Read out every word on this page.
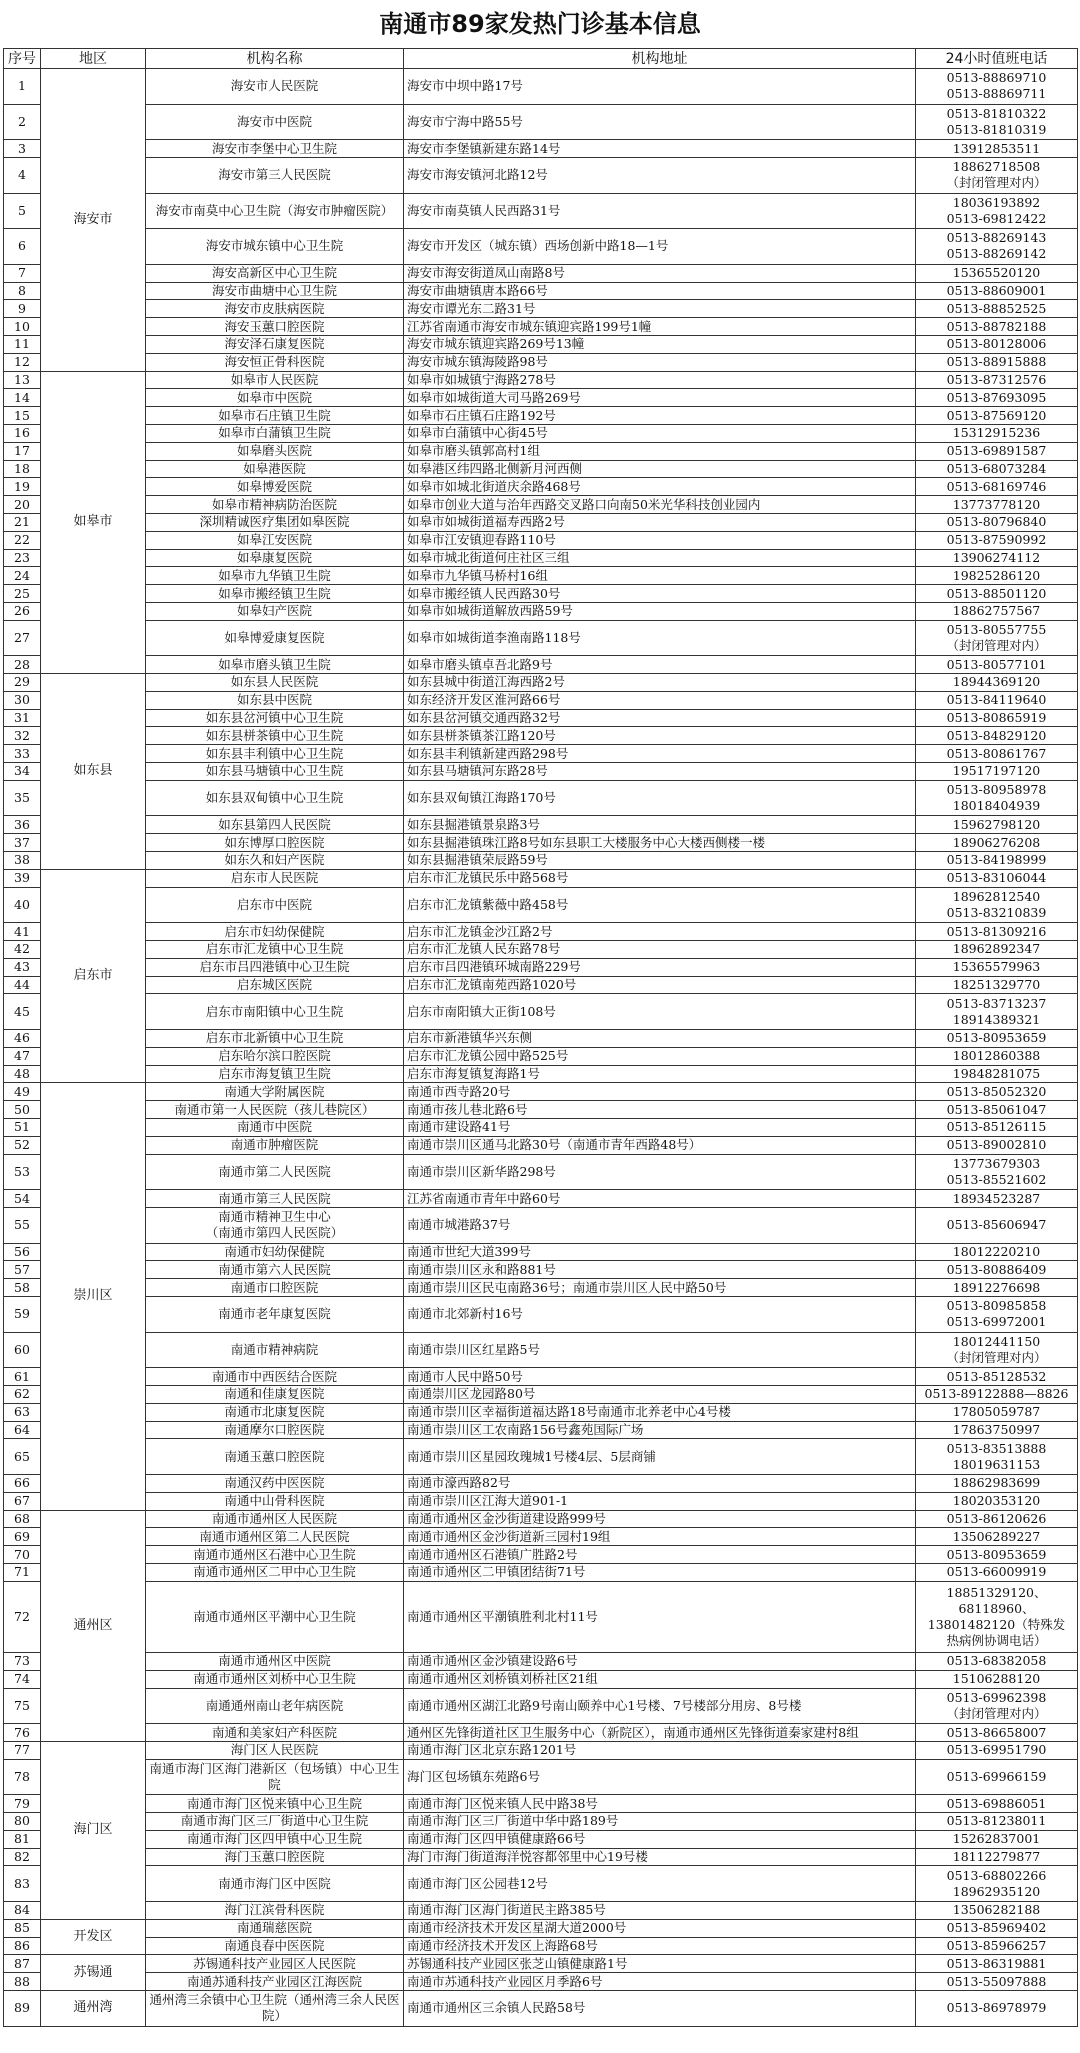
南通市89家发热门诊基本信息
序号	地区	机构名称	机构地址	24小时值班电话
1	海安市	海安市人民医院	海安市中坝中路17号	0513-88869710
0513-88869711
2		海安市中医院	海安市宁海中路55号	0513-81810322
0513-81810319
3		海安市李堡中心卫生院	海安市李堡镇新建东路14号	13912853511
4		海安市第三人民医院	海安市海安镇河北路12号	18862718508
（封闭管理对内）
5		海安市南莫中心卫生院（海安市肿瘤医院）	海安市南莫镇人民西路31号	18036193892
0513-69812422
6		海安市城东镇中心卫生院	海安市开发区（城东镇）西场创新中路18—1号	0513-88269143
0513-88269142
7		海安高新区中心卫生院	海安市海安街道凤山南路8号	15365520120
8		海安市曲塘中心卫生院	海安市曲塘镇唐本路66号	0513-88609001
9		海安市皮肤病医院	海安市谭光东二路31号	0513-88852525
10		海安玉蕙口腔医院	江苏省南通市海安市城东镇迎宾路199号1幢	0513-88782188
11		海安泽石康复医院	海安市城东镇迎宾路269号13幢	0513-80128006
12		海安恒正骨科医院	海安市城东镇海陵路98号	0513-88915888
13	如皋市	如皋市人民医院	如皋市如城镇宁海路278号	0513-87312576
14		如皋市中医院	如皋市如城街道大司马路269号	0513-87693095
15		如皋市石庄镇卫生院	如皋市石庄镇石庄路192号	0513-87569120
16		如皋市白蒲镇卫生院	如皋市白蒲镇中心街45号	15312915236
17		如皋磨头医院	如皋市磨头镇郭高村1组	0513-69891587
18		如皋港医院	如皋港区纬四路北侧新月河西侧	0513-68073284
19		如皋博爱医院	如皋市如城北街道庆余路468号	0513-68169746
20		如皋市精神病防治医院	如皋市创业大道与治年西路交叉路口向南50米光华科技创业园内	13773778120
21		深圳精诚医疗集团如皋医院	如皋市如城街道福寿西路2号	0513-80796840
22		如皋江安医院	如皋市江安镇迎春路110号	0513-87590992
23		如皋康复医院	如皋市城北街道何庄社区三组	13906274112
24		如皋市九华镇卫生院	如皋市九华镇马桥村16组	19825286120
25		如皋市搬经镇卫生院	如皋市搬经镇人民西路30号	0513-88501120
26		如皋妇产医院	如皋市如城街道解放西路59号	18862757567
27		如皋博爱康复医院	如皋市如城街道李渔南路118号	0513-80557755
（封闭管理对内）
28		如皋市磨头镇卫生院	如皋市磨头镇卓吾北路9号	0513-80577101
29	如东县	如东县人民医院	如东县城中街道江海西路2号	18944369120
30		如东县中医院	如东经济开发区淮河路66号	0513-84119640
31		如东县岔河镇中心卫生院	如东县岔河镇交通西路32号	0513-80865919
32		如东县栟茶镇中心卫生院	如东县栟茶镇茶江路120号	0513-84829120
33		如东县丰利镇中心卫生院	如东县丰利镇新建西路298号	0513-80861767
34		如东县马塘镇中心卫生院	如东县马塘镇河东路28号	19517197120
35		如东县双甸镇中心卫生院	如东县双甸镇江海路170号	0513-80958978
18018404939
36		如东县第四人民医院	如东县掘港镇景泉路3号	15962798120
37		如东博厚口腔医院	如东县掘港镇珠江路8号如东县职工大楼服务中心大楼西侧楼一楼	18906276208
38		如东久和妇产医院	如东县掘港镇荣辰路59号	0513-84198999
39	启东市	启东市人民医院	启东市汇龙镇民乐中路568号	0513-83106044
40		启东市中医院	启东市汇龙镇紫薇中路458号	18962812540
0513-83210839
41		启东市妇幼保健院	启东市汇龙镇金沙江路2号	0513-81309216
42		启东市汇龙镇中心卫生院	启东市汇龙镇人民东路78号	18962892347
43		启东市吕四港镇中心卫生院	启东市吕四港镇环城南路229号	15365579963
44		启东城区医院	启东市汇龙镇南苑西路1020号	18251329770
45		启东市南阳镇中心卫生院	启东市南阳镇大正街108号	0513-83713237
18914389321
46		启东市北新镇中心卫生院	启东市新港镇华兴东侧	0513-80953659
47		启东哈尔滨口腔医院	启东市汇龙镇公园中路525号	18012860388
48		启东市海复镇卫生院	启东市海复镇复海路1号	19848281075
49	崇川区	南通大学附属医院	南通市西寺路20号	0513-85052320
50		南通市第一人民医院（孩儿巷院区）	南通市孩儿巷北路6号	0513-85061047
51		南通市中医院	南通市建设路41号	0513-85126115
52		南通市肿瘤医院	南通市崇川区通马北路30号（南通市青年西路48号）	0513-89002810
53		南通市第二人民医院	南通市崇川区新华路298号	13773679303
0513-85521602
54		南通市第三人民医院	江苏省南通市青年中路60号	18934523287
55		南通市精神卫生中心
（南通市第四人民医院）	南通市城港路37号	0513-85606947
56		南通市妇幼保健院	南通市世纪大道399号	18012220210
57		南通市第六人民医院	南通市崇川区永和路881号	0513-80886409
58		南通市口腔医院	南通市崇川区民屯南路36号；南通市崇川区人民中路50号	18912276698
59		南通市老年康复医院	南通市北郊新村16号	0513-80985858
0513-69972001
60		南通市精神病院	南通市崇川区红星路5号	18012441150
（封闭管理对内）
61		南通市中西医结合医院	南通市人民中路50号	0513-85128532
62		南通和佳康复医院	南通崇川区龙园路80号	0513-89122888—8826
63		南通市北康复医院	南通市崇川区幸福街道福达路18号南通市北养老中心4号楼	17805059787
64		南通摩尔口腔医院	南通市崇川区工农南路156号鑫苑国际广场	17863750997
65		南通玉蕙口腔医院	南通市崇川区星园玫瑰城1号楼4层、5层商铺	0513-83513888
18019631153
66		南通汉药中医医院	南通市濠西路82号	18862983699
67		南通中山骨科医院	南通市崇川区江海大道901-1	18020353120
68	通州区	南通市通州区人民医院	南通市通州区金沙街道建设路999号	0513-86120626
69		南通市通州区第二人民医院	南通市通州区金沙街道新三园村19组	13506289227
70		南通市通州区石港中心卫生院	南通市通州区石港镇广胜路2号	0513-80953659
71		南通市通州区二甲中心卫生院	南通市通州区二甲镇团结街71号	0513-66009919
72		南通市通州区平潮中心卫生院	南通市通州区平潮镇胜利北村11号	18851329120、
68118960、
13801482120（特殊发
热病例协调电话）
73		南通市通州区中医院	南通市通州区金沙镇建设路6号	0513-68382058
74		南通市通州区刘桥中心卫生院	南通市通州区刘桥镇刘桥社区21组	15106288120
75		南通通州南山老年病医院	南通市通州区湖江北路9号南山颐养中心1号楼、7号楼部分用房、8号楼	0513-69962398
（封闭管理对内）
76		南通和美家妇产科医院	通州区先锋街道社区卫生服务中心（新院区），南通市通州区先锋街道秦家建村8组	0513-86658007
77	海门区	海门区人民医院	南通市海门区北京东路1201号	0513-69951790
78		南通市海门区海门港新区（包场镇）中心卫生院	海门区包场镇东苑路6号	0513-69966159
79		南通市海门区悦来镇中心卫生院	南通市海门区悦来镇人民中路38号	0513-69886051
80		南通市海门区三厂街道中心卫生院	南通市海门区三厂街道中华中路189号	0513-81238011
81		南通市海门区四甲镇中心卫生院	南通市海门区四甲镇健康路66号	15262837001
82		海门玉蕙口腔医院	海门市海门街道海洋悦容都邻里中心19号楼	18112279877
83		南通市海门区中医院	南通市海门区公园巷12号	0513-68802266
18962935120
84		海门江滨骨科医院	南通市海门区海门街道民主路385号	13506282188
85	开发区	南通瑞慈医院	南通市经济技术开发区星湖大道2000号	0513-85969402
86		南通良春中医医院	南通市经济技术开发区上海路68号	0513-85966257
87	苏锡通	苏锡通科技产业园区人民医院	苏锡通科技产业园区张芝山镇健康路1号	0513-86319881
88		南通苏通科技产业园区江海医院	南通市苏通科技产业园区月季路6号	0513-55097888
89	通州湾	通州湾三余镇中心卫生院（通州湾三余人民医院）	南通市通州区三余镇人民路58号	0513-86978979
